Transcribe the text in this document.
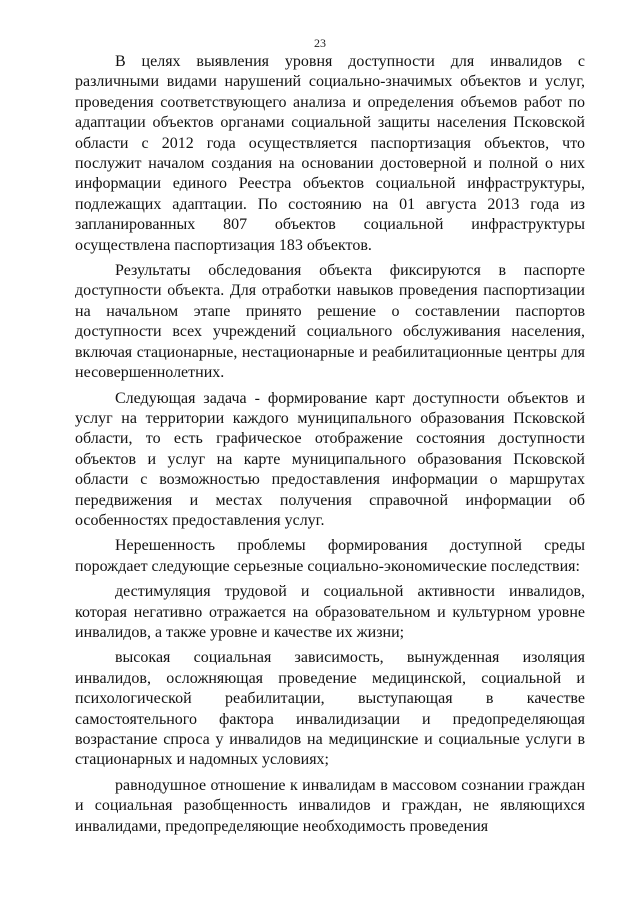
23

В целях выявления уровня доступности для инвалидов с различными видами нарушений социально-значимых объектов и услуг, проведения соответствующего анализа и определения объемов работ по адаптации объектов органами социальной защиты населения Псковской области с 2012 года осуществляется паспортизация объектов, что послужит началом создания на основании достоверной и полной о них информации единого Реестра объектов социальной инфраструктуры, подлежащих адаптации. По состоянию на 01 августа 2013 года из запланированных 807 объектов социальной инфраструктуры осуществлена паспортизация 183 объектов.

Результаты обследования объекта фиксируются в паспорте доступности объекта. Для отработки навыков проведения паспортизации на начальном этапе принято решение о составлении паспортов доступности всех учреждений социального обслуживания населения, включая стационарные, нестационарные и реабилитационные центры для несовершеннолетних.

Следующая задача - формирование карт доступности объектов и услуг на территории каждого муниципального образования Псковской области, то есть графическое отображение состояния доступности объектов и услуг на карте муниципального образования Псковской области с возможностью предоставления информации о маршрутах передвижения и местах получения справочной информации об особенностях предоставления услуг.

Нерешенность проблемы формирования доступной среды порождает следующие серьезные социально-экономические последствия:

дестимуляция трудовой и социальной активности инвалидов, которая негативно отражается на образовательном и культурном уровне инвалидов, а также уровне и качестве их жизни;

высокая социальная зависимость, вынужденная изоляция инвалидов, осложняющая проведение медицинской, социальной и психологической реабилитации, выступающая в качестве самостоятельного фактора инвалидизации и предопределяющая возрастание спроса у инвалидов на медицинские и социальные услуги в стационарных и надомных условиях;

равнодушное отношение к инвалидам в массовом сознании граждан и социальная разобщенность инвалидов и граждан, не являющихся инвалидами, предопределяющие необходимость проведения
